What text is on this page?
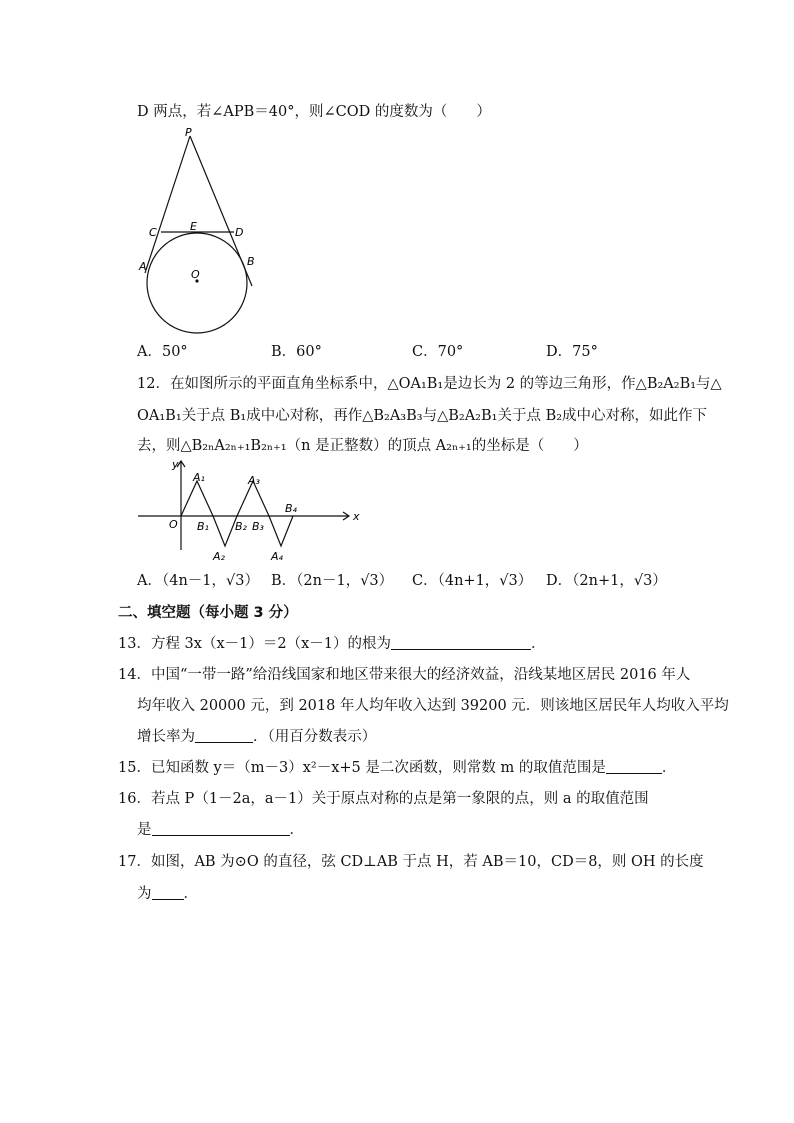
D 两点，若∠APB＝40°，则∠COD 的度数为（　　）
P
C	E	D
A	B
O
A．50°	B．60°	C．70°	D．75°
12．在如图所示的平面直角坐标系中，△OA₁B₁是边长为 2 的等边三角形，作△B₂A₂B₁与△
OA₁B₁关于点 B₁成中心对称，再作△B₂A₃B₃与△B₂A₂B₁关于点 B₂成中心对称，如此作下
去，则△B₂ₙA₂ₙ₊₁B₂ₙ₊₁（n 是正整数）的顶点 A₂ₙ₊₁的坐标是（　　）
y
x
O
A₁	A₃
B₁ B₂ B₃
B₄
A₂	A₄
A．（4n－1，√3） B．（2n－1，√3） C．（4n+1，√3） D．（2n+1，√3）
二、填空题（每小题 3 分）
13．方程 3x（x－1）＝2（x－1）的根为	．
14．中国“一带一路”给沿线国家和地区带来很大的经济效益，沿线某地区居民 2016 年人
均年收入 20000 元，到 2018 年人均年收入达到 39200 元．则该地区居民年人均收入平均
增长率为	．（用百分数表示）
15．已知函数 y＝（m－3）x²－x+5 是二次函数，则常数 m 的取值范围是	．
16．若点 P（1－2a，a－1）关于原点对称的点是第一象限的点，则 a 的取值范围
是	．
17．如图，AB 为⊙O 的直径，弦 CD⊥AB 于点 H，若 AB＝10，CD＝8，则 OH 的长度
为 ．
